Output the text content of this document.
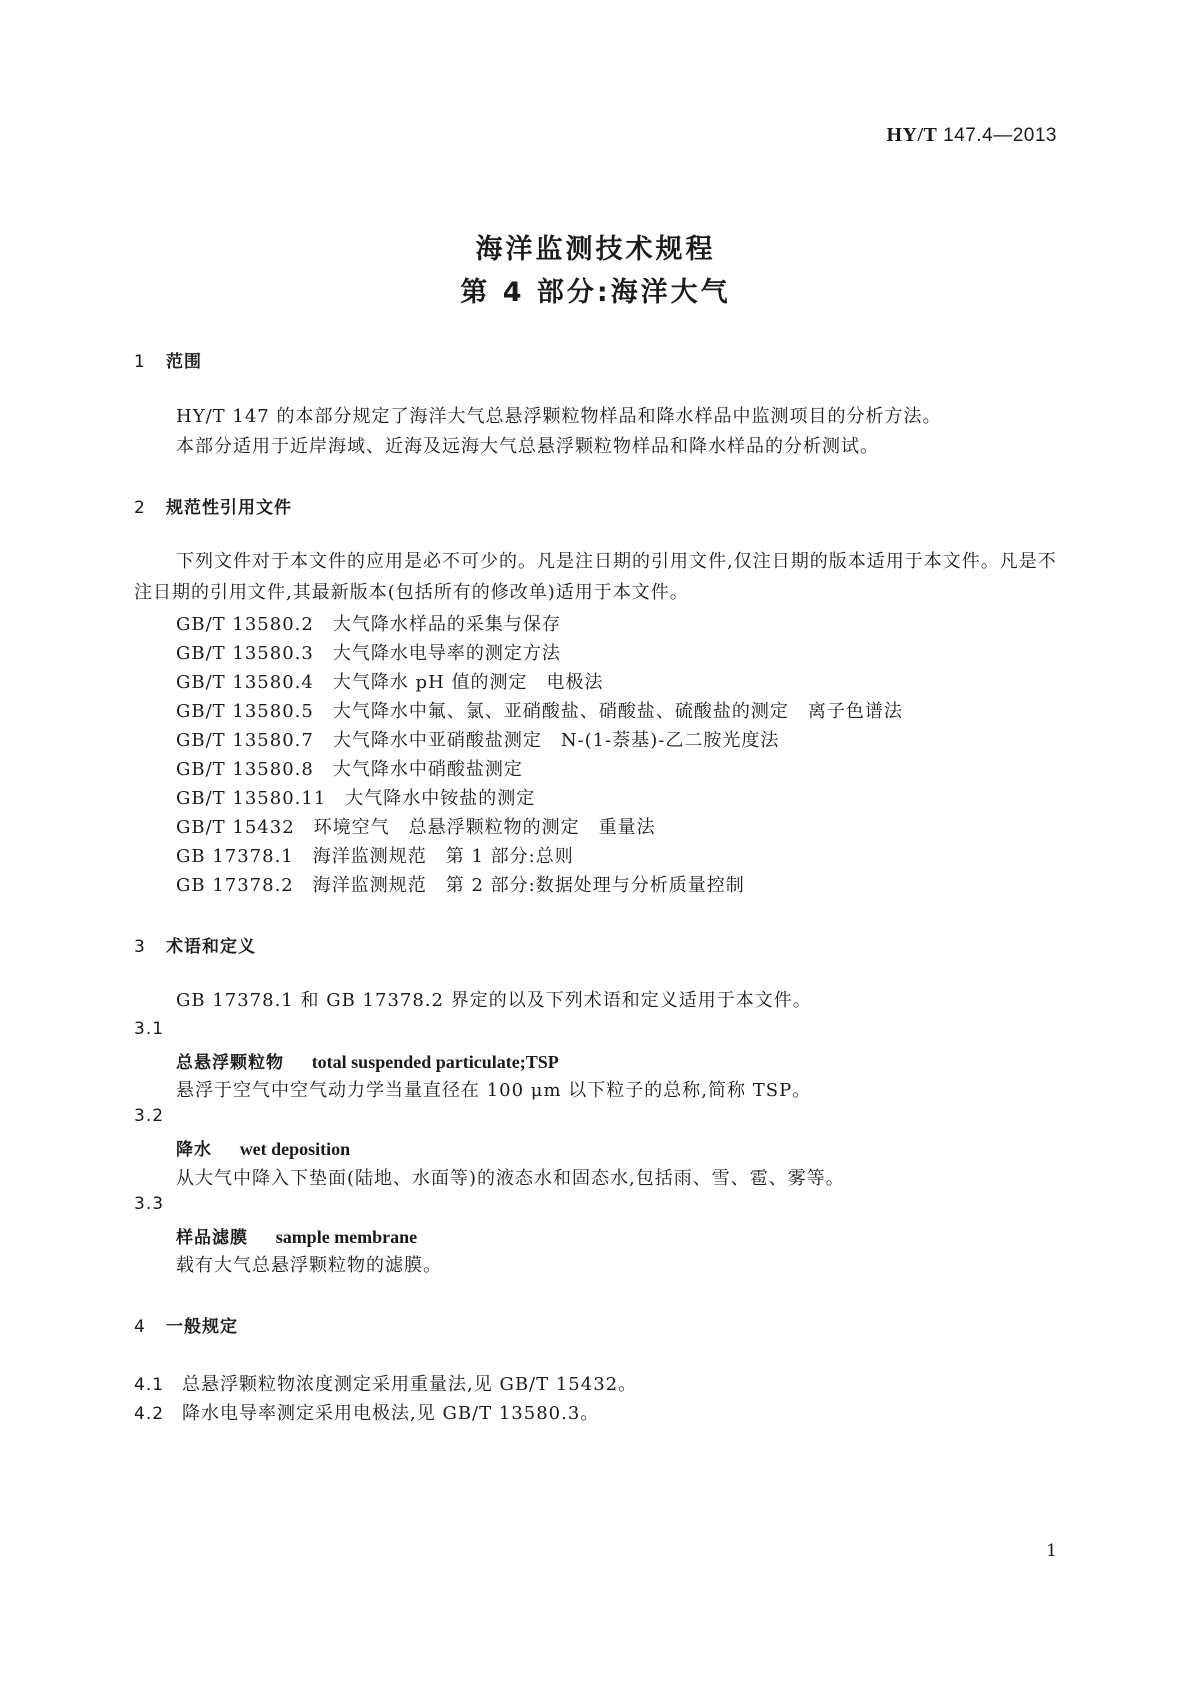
HY/T 147.4—2013
海洋监测技术规程
第 4 部分:海洋大气
1 范围
HY/T 147 的本部分规定了海洋大气总悬浮颗粒物样品和降水样品中监测项目的分析方法。
本部分适用于近岸海域、近海及远海大气总悬浮颗粒物样品和降水样品的分析测试。
2 规范性引用文件
下列文件对于本文件的应用是必不可少的。凡是注日期的引用文件,仅注日期的版本适用于本文件。凡是不注日期的引用文件,其最新版本(包括所有的修改单)适用于本文件。
GB/T 13580.2　大气降水样品的采集与保存
GB/T 13580.3　大气降水电导率的测定方法
GB/T 13580.4　大气降水 pH 值的测定　电极法
GB/T 13580.5　大气降水中氟、氯、亚硝酸盐、硝酸盐、硫酸盐的测定　离子色谱法
GB/T 13580.7　大气降水中亚硝酸盐测定　N-(1-萘基)-乙二胺光度法
GB/T 13580.8　大气降水中硝酸盐测定
GB/T 13580.11　大气降水中铵盐的测定
GB/T 15432　环境空气　总悬浮颗粒物的测定　重量法
GB 17378.1　海洋监测规范　第 1 部分:总则
GB 17378.2　海洋监测规范　第 2 部分:数据处理与分析质量控制
3 术语和定义
GB 17378.1 和 GB 17378.2 界定的以及下列术语和定义适用于本文件。
3.1
总悬浮颗粒物 total suspended particulate;TSP
悬浮于空气中空气动力学当量直径在 100 μm 以下粒子的总称,简称 TSP。
3.2
降水 wet deposition
从大气中降入下垫面(陆地、水面等)的液态水和固态水,包括雨、雪、雹、雾等。
3.3
样品滤膜 sample membrane
载有大气总悬浮颗粒物的滤膜。
4 一般规定
4.1 总悬浮颗粒物浓度测定采用重量法,见 GB/T 15432。
4.2 降水电导率测定采用电极法,见 GB/T 13580.3。
1
